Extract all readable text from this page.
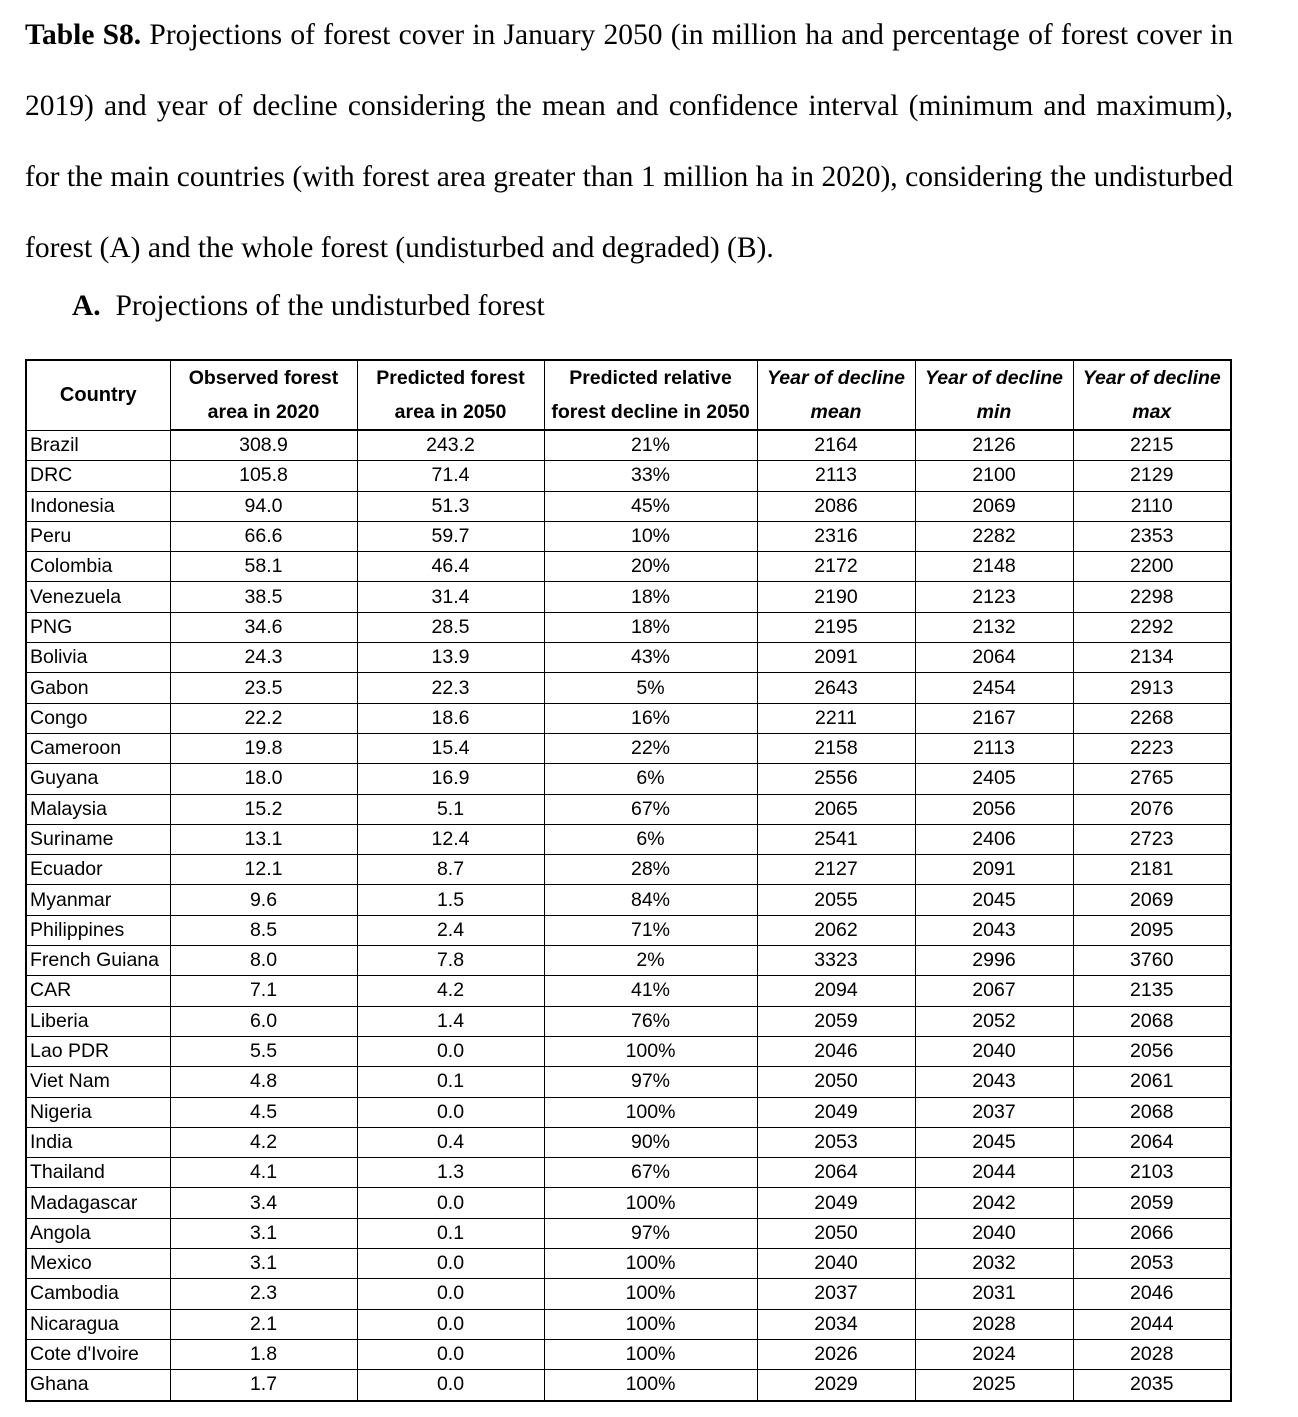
Table S8. Projections of forest cover in January 2050 (in million ha and percentage of forest cover in 2019) and year of decline considering the mean and confidence interval (minimum and maximum), for the main countries (with forest area greater than 1 million ha in 2020), considering the undisturbed forest (A) and the whole forest (undisturbed and degraded) (B).

A. Projections of the undisturbed forest

Country	Observed forest	Predicted forest	Predicted relative	Year of decline	Year of decline	Year of decline
	area in 2020	area in 2050	forest decline in 2050	mean	min	max
Brazil	308.9	243.2	21%	2164	2126	2215
DRC	105.8	71.4	33%	2113	2100	2129
Indonesia	94.0	51.3	45%	2086	2069	2110
Peru	66.6	59.7	10%	2316	2282	2353
Colombia	58.1	46.4	20%	2172	2148	2200
Venezuela	38.5	31.4	18%	2190	2123	2298
PNG	34.6	28.5	18%	2195	2132	2292
Bolivia	24.3	13.9	43%	2091	2064	2134
Gabon	23.5	22.3	5%	2643	2454	2913
Congo	22.2	18.6	16%	2211	2167	2268
Cameroon	19.8	15.4	22%	2158	2113	2223
Guyana	18.0	16.9	6%	2556	2405	2765
Malaysia	15.2	5.1	67%	2065	2056	2076
Suriname	13.1	12.4	6%	2541	2406	2723
Ecuador	12.1	8.7	28%	2127	2091	2181
Myanmar	9.6	1.5	84%	2055	2045	2069
Philippines	8.5	2.4	71%	2062	2043	2095
French Guiana	8.0	7.8	2%	3323	2996	3760
CAR	7.1	4.2	41%	2094	2067	2135
Liberia	6.0	1.4	76%	2059	2052	2068
Lao PDR	5.5	0.0	100%	2046	2040	2056
Viet Nam	4.8	0.1	97%	2050	2043	2061
Nigeria	4.5	0.0	100%	2049	2037	2068
India	4.2	0.4	90%	2053	2045	2064
Thailand	4.1	1.3	67%	2064	2044	2103
Madagascar	3.4	0.0	100%	2049	2042	2059
Angola	3.1	0.1	97%	2050	2040	2066
Mexico	3.1	0.0	100%	2040	2032	2053
Cambodia	2.3	0.0	100%	2037	2031	2046
Nicaragua	2.1	0.0	100%	2034	2028	2044
Cote d'Ivoire	1.8	0.0	100%	2026	2024	2028
Ghana	1.7	0.0	100%	2029	2025	2035
